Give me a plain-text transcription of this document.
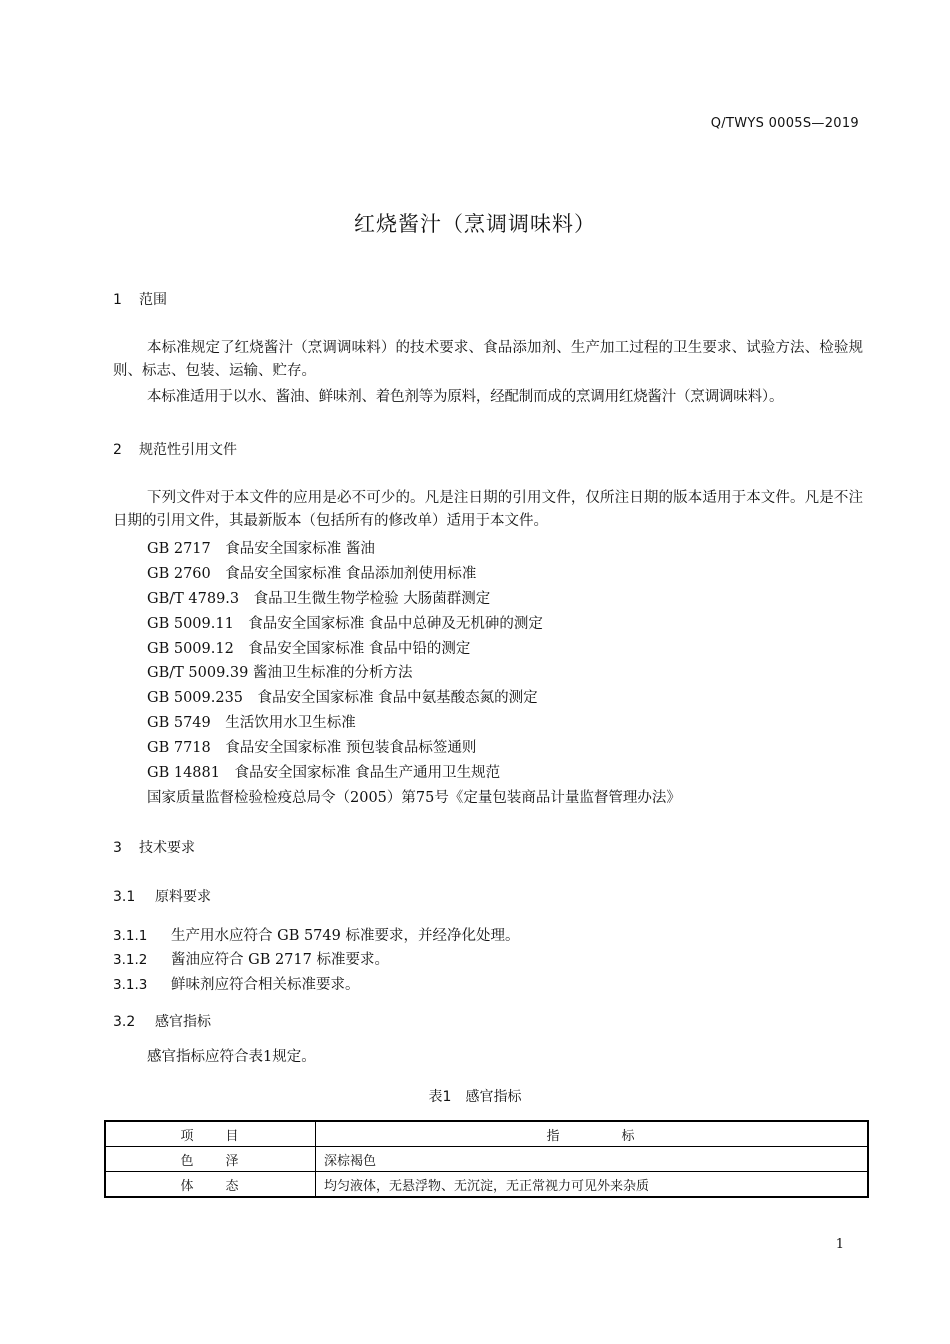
Q/TWYS 0005S—2019
红烧酱汁（烹调调味料）
1 范围
本标准规定了红烧酱汁（烹调调味料）的技术要求、食品添加剂、生产加工过程的卫生要求、试验方法、检验规则、标志、包装、运输、贮存。
本标准适用于以水、酱油、鲜味剂、着色剂等为原料，经配制而成的烹调用红烧酱汁（烹调调味料）。
2 规范性引用文件
下列文件对于本文件的应用是必不可少的。凡是注日期的引用文件，仅所注日期的版本适用于本文件。凡是不注日期的引用文件，其最新版本（包括所有的修改单）适用于本文件。
GB 2717　食品安全国家标准 酱油
GB 2760　食品安全国家标准 食品添加剂使用标准
GB/T 4789.3　食品卫生微生物学检验 大肠菌群测定
GB 5009.11　食品安全国家标准 食品中总砷及无机砷的测定
GB 5009.12　食品安全国家标准 食品中铅的测定
GB/T 5009.39 酱油卫生标准的分析方法
GB 5009.235　食品安全国家标准 食品中氨基酸态氮的测定
GB 5749　生活饮用水卫生标准
GB 7718　食品安全国家标准 预包装食品标签通则
GB 14881　食品安全国家标准 食品生产通用卫生规范
国家质量监督检验检疫总局令（2005）第75号《定量包装商品计量监督管理办法》
3 技术要求
3.1 原料要求
3.1.1 生产用水应符合 GB 5749 标准要求，并经净化处理。
3.1.2 酱油应符合 GB 2717 标准要求。
3.1.3 鲜味剂应符合相关标准要求。
3.2 感官指标
感官指标应符合表1规定。
表1　感官指标
项　　目	指　　　　标
色　　泽	深棕褐色
体　　态	均匀液体，无悬浮物、无沉淀，无正常视力可见外来杂质
1
